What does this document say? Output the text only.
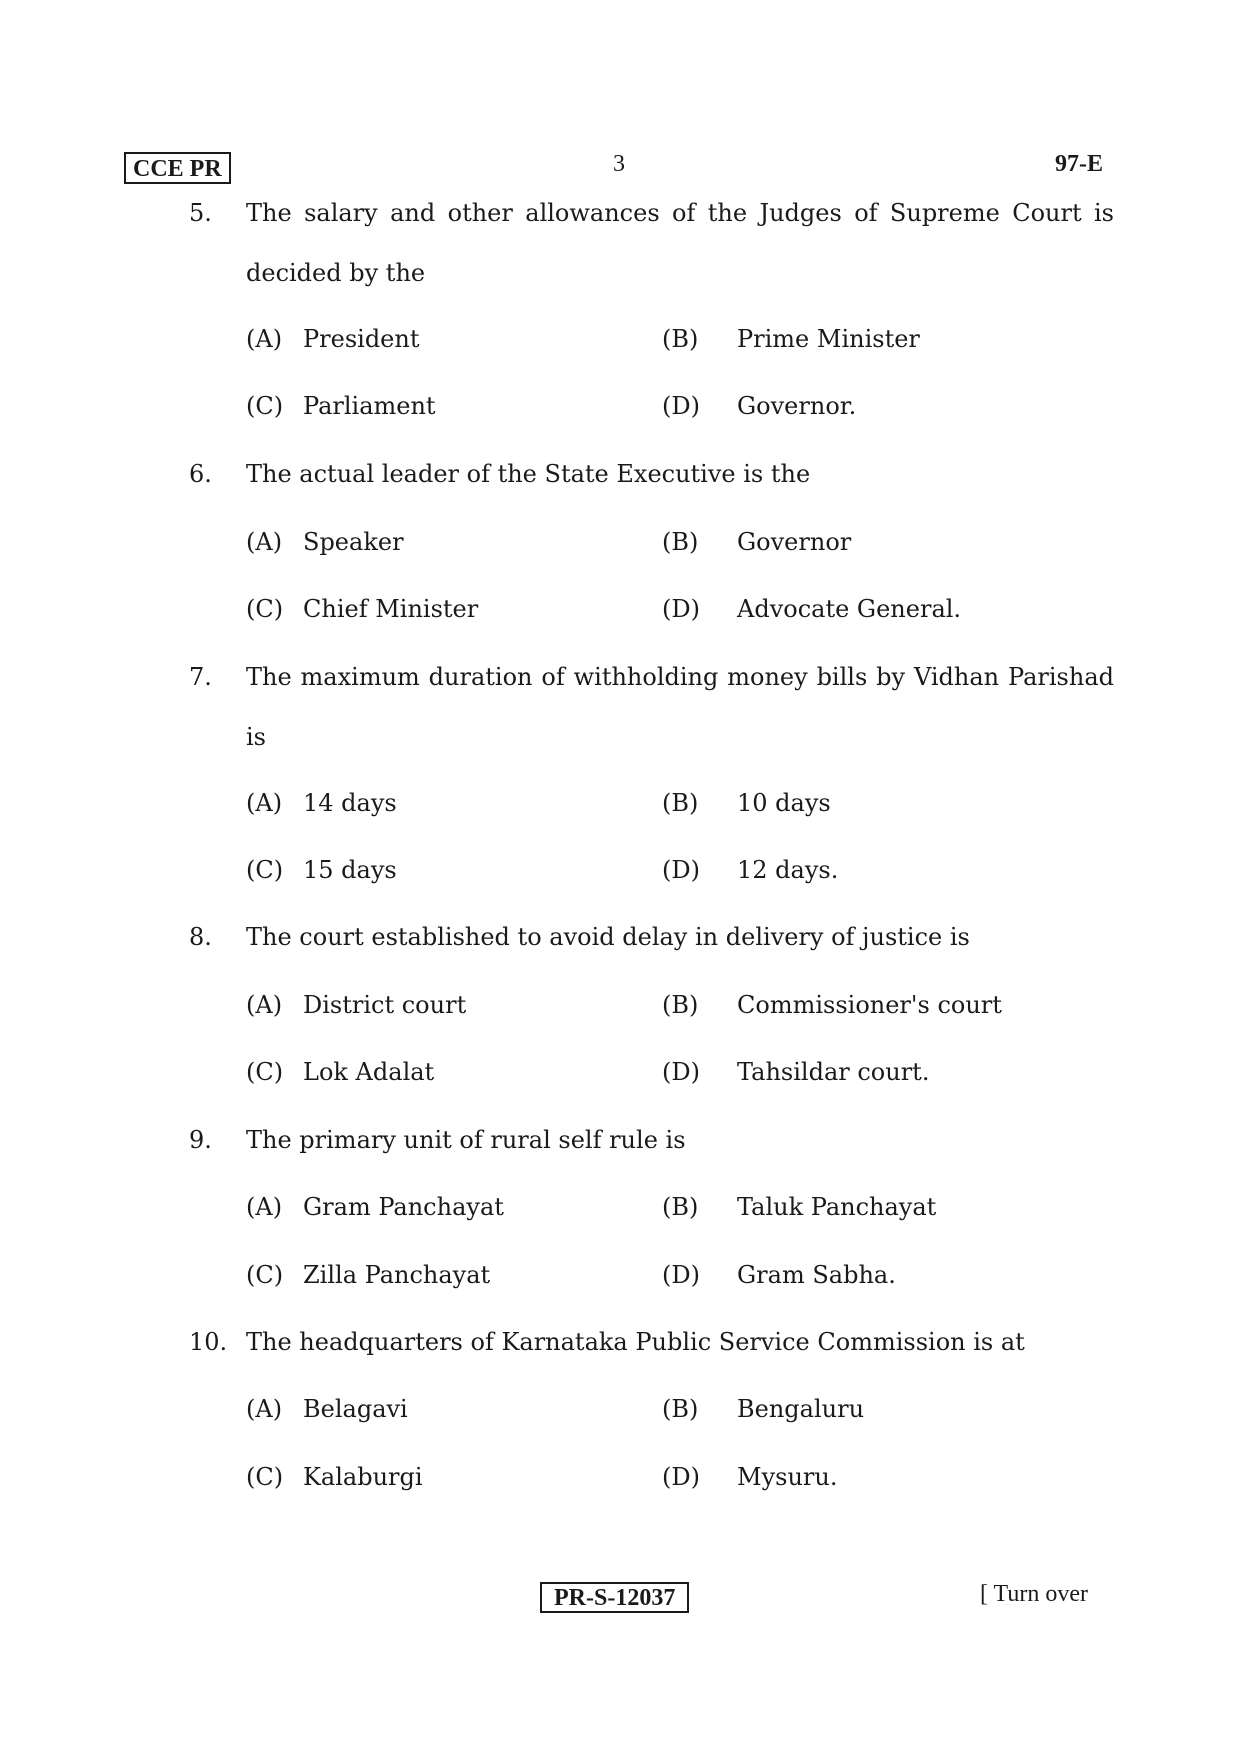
CCE PR	3	97-E
5. The salary and other allowances of the Judges of Supreme Court is decided by the

(A) President	(B) Prime Minister
(C) Parliament	(D) Governor.
6. The actual leader of the State Executive is the

(A) Speaker	(B) Governor
(C) Chief Minister	(D) Advocate General.
7. The maximum duration of withholding money bills by Vidhan Parishad is

(A) 14 days	(B) 10 days
(C) 15 days	(D) 12 days.
8. The court established to avoid delay in delivery of justice is

(A) District court	(B) Commissioner's court
(C) Lok Adalat	(D) Tahsildar court.
9. The primary unit of rural self rule is

(A) Gram Panchayat	(B) Taluk Panchayat
(C) Zilla Panchayat	(D) Gram Sabha.
10. The headquarters of Karnataka Public Service Commission is at

(A) Belagavi	(B) Bengaluru
(C) Kalaburgi	(D) Mysuru.
PR-S-12037	[ Turn over
